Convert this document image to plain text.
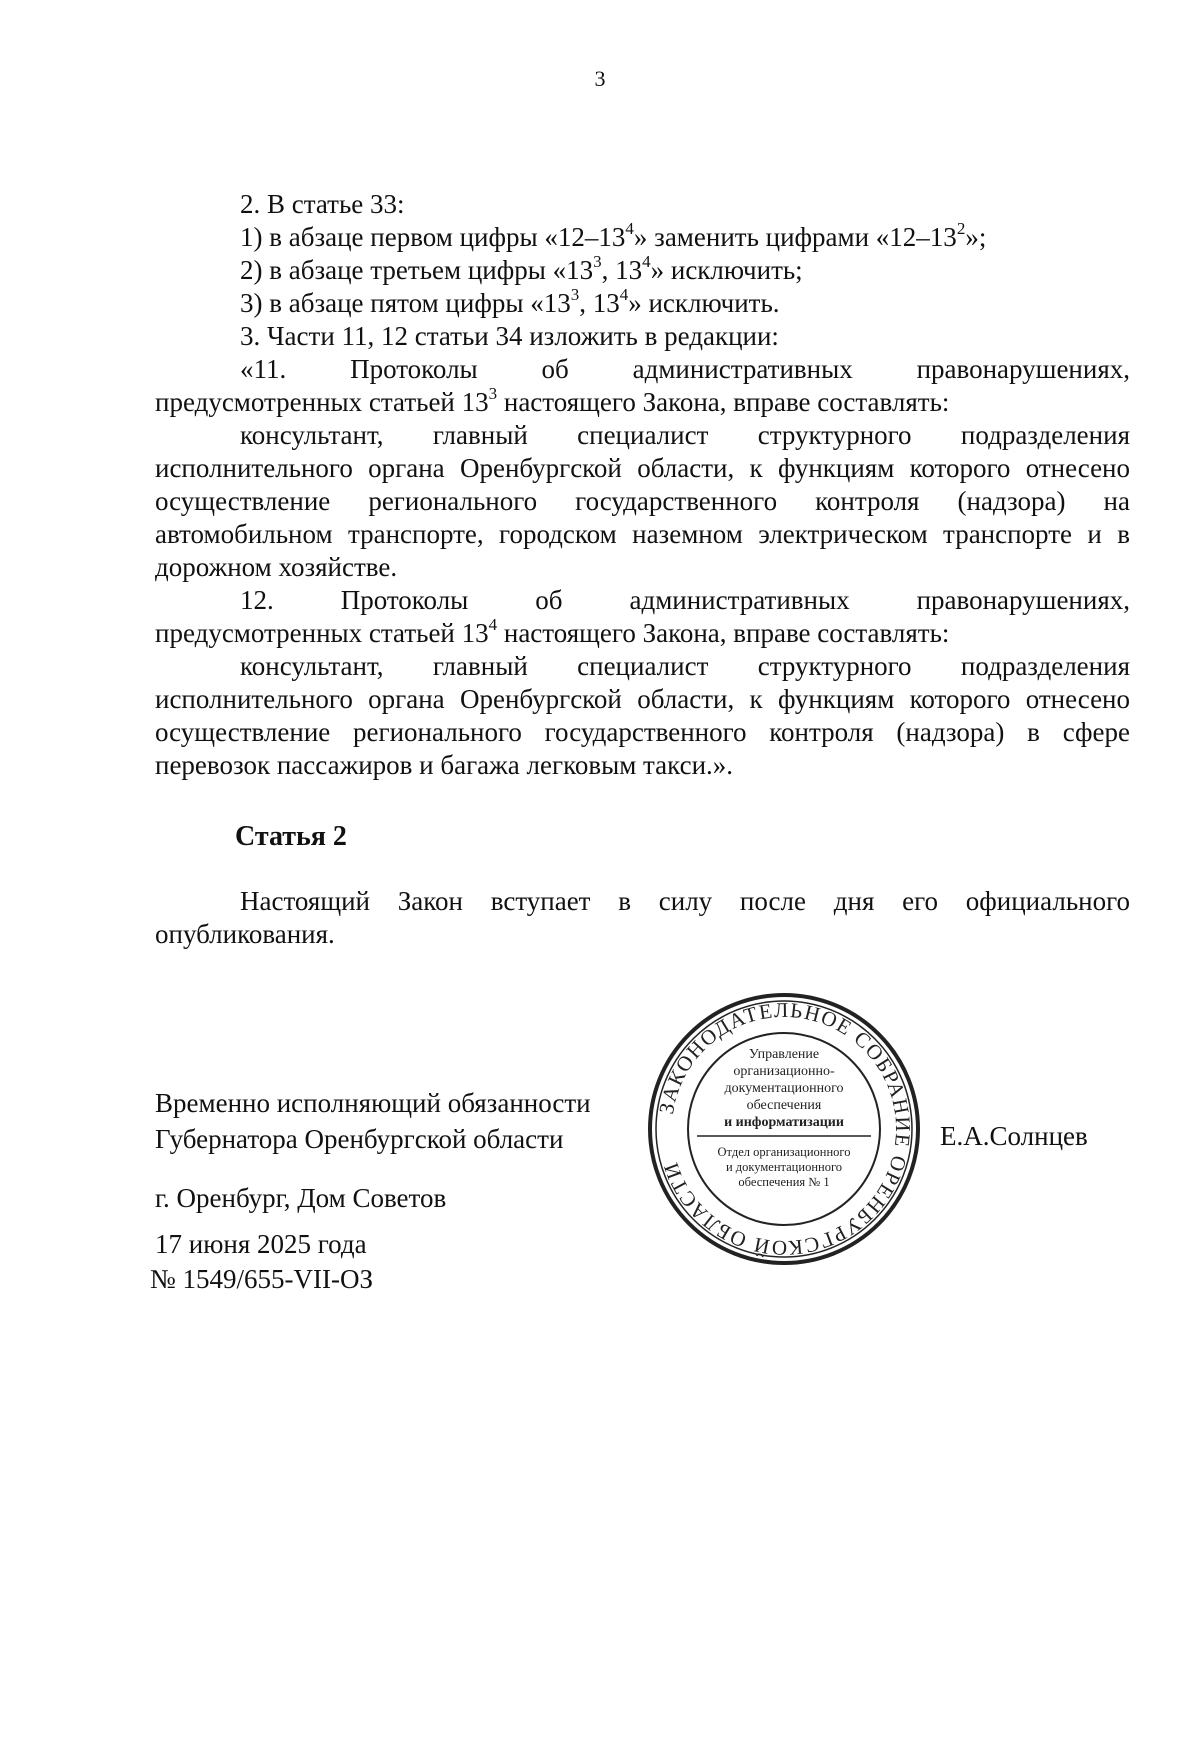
3

2. В статье 33:

1) в абзаце первом цифры «$12-13^4$» заменить цифрами «$12-13^2$»;

2) в абзаце третьем цифры «$13^3$, $13^4$» исключить;

3) в абзаце пятом цифры «$13^3$, $13^4$» исключить.

3. Части 11, 12 статьи 34 изложить в редакции:

«11. Протоколы об административных правонарушениях,

предусмотренных статьей $13^3$ настоящего Закона, вправе составлять:

консультант, главный специалист структурного подразделения исполнительного органа Оренбургской области, к функциям которого отнесено осуществление регионального государственного контроля (надзора) на автомобильном транспорте, городском наземном электрическом транспорте и в дорожном хозяйстве.

12. Протоколы об административных правонарушениях,

предусмотренных статьей $13^4$ настоящего Закона, вправе составлять:

консультант, главный специалист структурного подразделения исполнительного органа Оренбургской области, к функциям которого отнесено осуществление регионального государственного контроля (надзора) в сфере перевозок пассажиров и багажа легковым такси.».

Статья 2

Настоящий Закон вступает в силу после дня его официального опубликования.

Временно исполняющий обязанности

Губернатора Оренбургской области	Е.А.Солнцев
г. Оренбург, Дом Советов
17 июня 2025 года
№ 1549/655-VII-ОЗ
ЗАКОНОДАТЕЛЬНОЕ СОБРАНИЕ ОРЕНБУРГСКОЙ ОБЛАСТИ
Управление
организационно-
документационного
обеспечения
и информатизации
Отдел организационного
и документационного
обеспечения № 1
